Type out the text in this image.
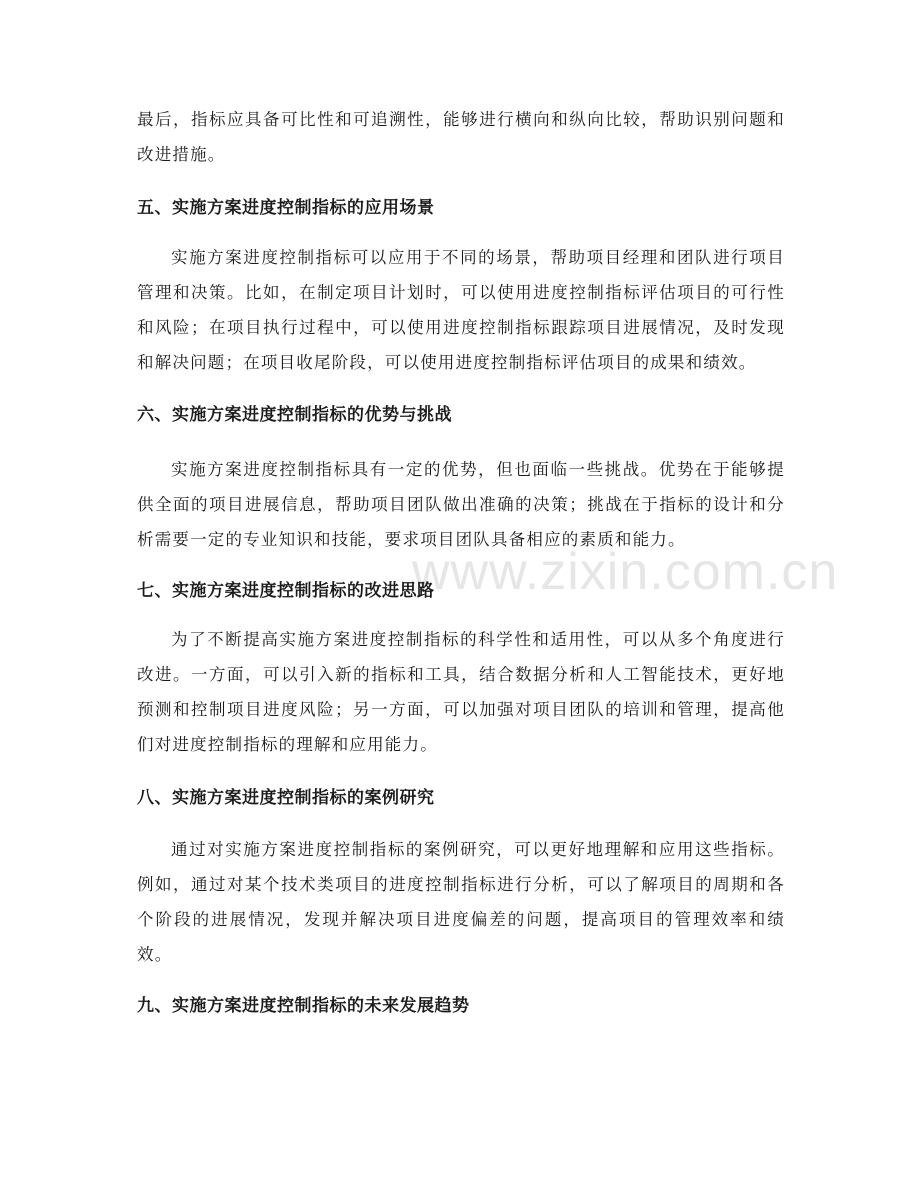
www.zixin.com.cn

最后，指标应具备可比性和可追溯性，能够进行横向和纵向比较，帮助识别问题和改进措施。

五、实施方案进度控制指标的应用场景

实施方案进度控制指标可以应用于不同的场景，帮助项目经理和团队进行项目管理和决策。比如，在制定项目计划时，可以使用进度控制指标评估项目的可行性和风险；在项目执行过程中，可以使用进度控制指标跟踪项目进展情况，及时发现和解决问题；在项目收尾阶段，可以使用进度控制指标评估项目的成果和绩效。

六、实施方案进度控制指标的优势与挑战

实施方案进度控制指标具有一定的优势，但也面临一些挑战。优势在于能够提供全面的项目进展信息，帮助项目团队做出准确的决策；挑战在于指标的设计和分析需要一定的专业知识和技能，要求项目团队具备相应的素质和能力。

七、实施方案进度控制指标的改进思路

为了不断提高实施方案进度控制指标的科学性和适用性，可以从多个角度进行改进。一方面，可以引入新的指标和工具，结合数据分析和人工智能技术，更好地预测和控制项目进度风险；另一方面，可以加强对项目团队的培训和管理，提高他们对进度控制指标的理解和应用能力。

八、实施方案进度控制指标的案例研究

通过对实施方案进度控制指标的案例研究，可以更好地理解和应用这些指标。例如，通过对某个技术类项目的进度控制指标进行分析，可以了解项目的周期和各个阶段的进展情况，发现并解决项目进度偏差的问题，提高项目的管理效率和绩效。

九、实施方案进度控制指标的未来发展趋势
